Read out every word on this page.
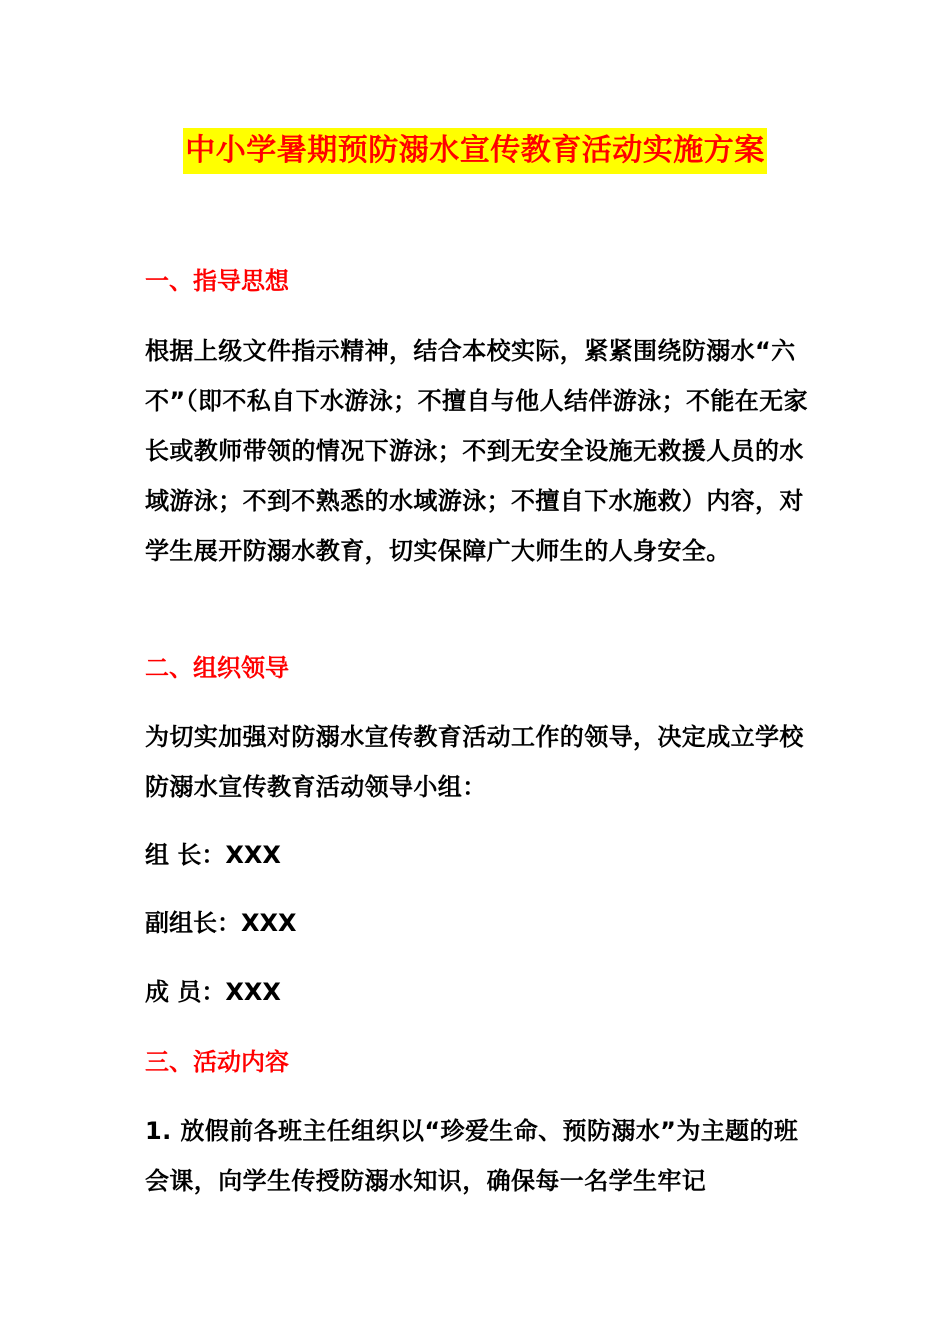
中小学暑期预防溺水宣传教育活动实施方案
一、指导思想

根据上级文件指示精神，结合本校实际，紧紧围绕防溺水“六不”（即不私自下水游泳；不擅自与他人结伴游泳；不能在无家长或教师带领的情况下游泳；不到无安全设施无救援人员的水域游泳；不到不熟悉的水域游泳；不擅自下水施救）内容，对学生展开防溺水教育，切实保障广大师生的人身安全。

二、组织领导

为切实加强对防溺水宣传教育活动工作的领导，决定成立学校防溺水宣传教育活动领导小组：

组 长：XXX

副组长：XXX

成 员：XXX

三、活动内容

1. 放假前各班主任组织以“珍爱生命、预防溺水”为主题的班会课，向学生传授防溺水知识，确保每一名学生牢记
